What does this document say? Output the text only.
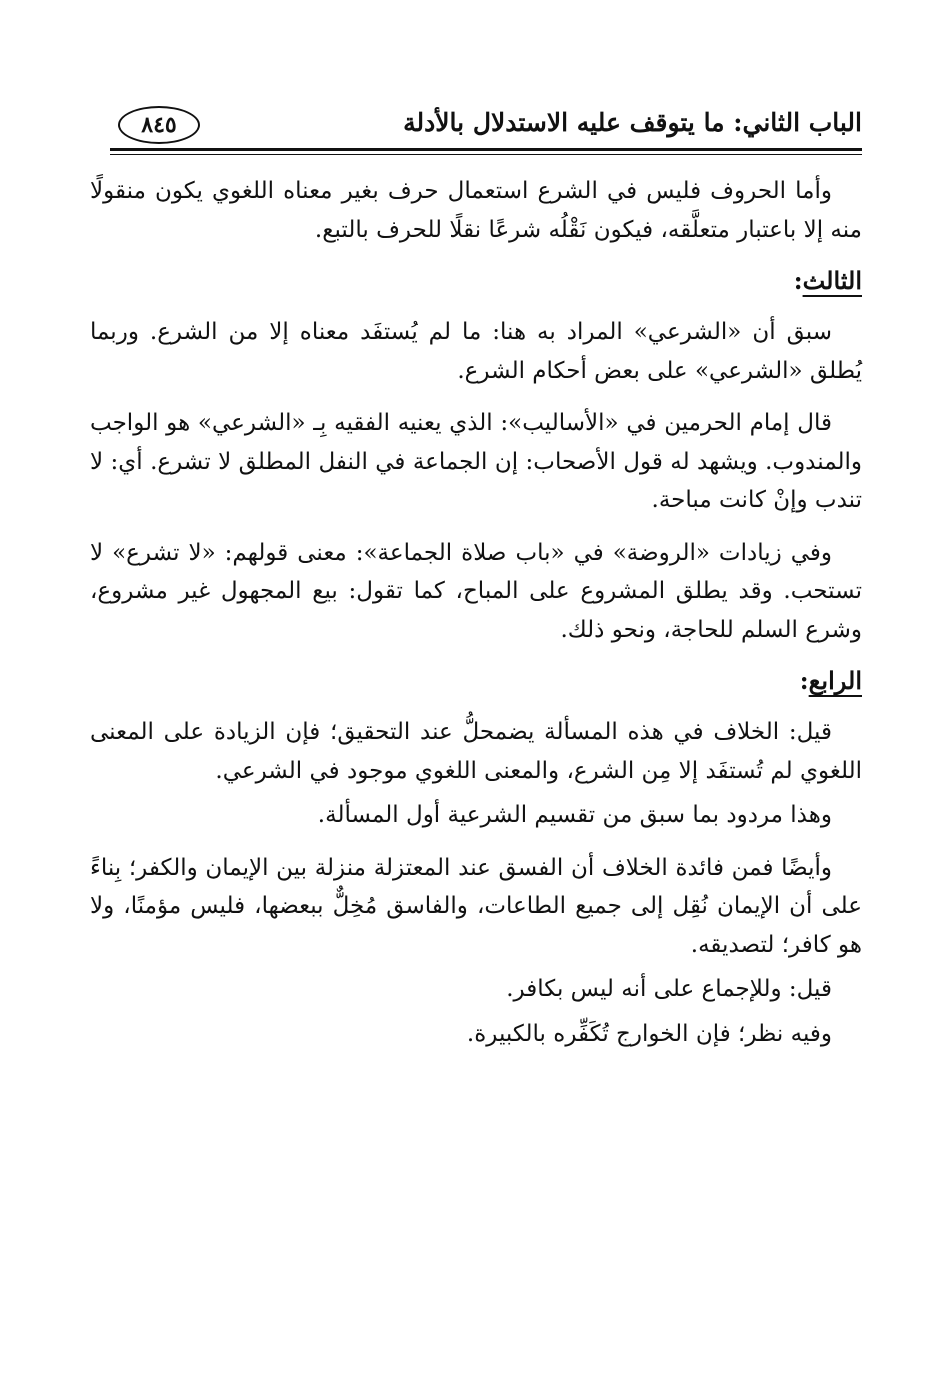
الباب الثاني: ما يتوقف عليه الاستدلال بالأدلة
٨٤٥

وأما الحروف فليس في الشرع استعمال حرف بغير معناه اللغوي يكون منقولًا منه إلا باعتبار متعلَّقه، فيكون نَقْلُه شرعًا نقلًا للحرف بالتبع.

الثالث:

سبق أن «الشرعي» المراد به هنا: ما لم يُستفَد معناه إلا من الشرع. وربما يُطلق «الشرعي» على بعض أحكام الشرع.

قال إمام الحرمين في «الأساليب»: الذي يعنيه الفقيه بِـ «الشرعي» هو الواجب والمندوب. ويشهد له قول الأصحاب: إن الجماعة في النفل المطلق لا تشرع. أي: لا تندب وإنْ كانت مباحة.

وفي زيادات «الروضة» في «باب صلاة الجماعة»: معنى قولهم: «لا تشرع» لا تستحب. وقد يطلق المشروع على المباح، كما تقول: بيع المجهول غير مشروع، وشرع السلم للحاجة، ونحو ذلك.

الرابع:

قيل: الخلاف في هذه المسألة يضمحلُّ عند التحقيق؛ فإن الزيادة على المعنى اللغوي لم تُستفَد إلا مِن الشرع، والمعنى اللغوي موجود في الشرعي.

وهذا مردود بما سبق من تقسيم الشرعية أول المسألة.

وأيضًا فمن فائدة الخلاف أن الفسق عند المعتزلة منزلة بين الإيمان والكفر؛ بِناءً على أن الإيمان نُقِل إلى جميع الطاعات، والفاسق مُخِلٌّ ببعضها، فليس مؤمنًا، ولا هو كافر؛ لتصديقه.

قيل: وللإجماع على أنه ليس بكافر.

وفيه نظر؛ فإن الخوارج تُكَفِّره بالكبيرة.
